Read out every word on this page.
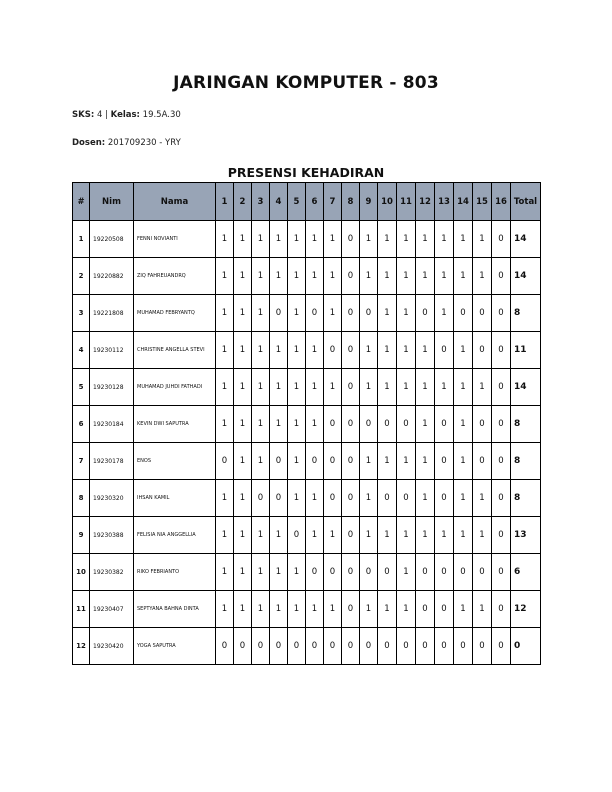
JARINGAN KOMPUTER - 803
SKS: 4 | Kelas: 19.5A.30
Dosen: 201709230 - YRY
PRESENSI KEHADIRAN
#	Nim	Nama	1	2	3	4	5	6	7	8	9	10	11	12	13	14	15	16	Total
1	19220508	FENNI NOVIANTI	1	1	1	1	1	1	1	0	1	1	1	1	1	1	1	0	14
2	19220882	ZIQ FAHREUANDRQ	1	1	1	1	1	1	1	0	1	1	1	1	1	1	1	0	14
3	19221808	MUHAMAD FEBRYANTQ	1	1	1	0	1	0	1	0	0	1	1	0	1	0	0	0	8
4	19230112	CHRISTINE ANGELLA STEVI	1	1	1	1	1	1	0	0	1	1	1	1	0	1	0	0	11
5	19230128	MUHAMAD JUHDI FATHADI	1	1	1	1	1	1	1	0	1	1	1	1	1	1	1	0	14
6	19230184	KEVIN DWI SAPUTRA	1	1	1	1	1	1	0	0	0	0	0	1	0	1	0	0	8
7	19230178	ENOS	0	1	1	0	1	0	0	0	1	1	1	1	0	1	0	0	8
8	19230320	IHSAN KAMIL	1	1	0	0	1	1	0	0	1	0	0	1	0	1	1	0	8
9	19230388	FELISIA NIA ANGGELLIA	1	1	1	1	0	1	1	0	1	1	1	1	1	1	1	0	13
10	19230382	RIKO FEBRIANTO	1	1	1	1	1	0	0	0	0	0	1	0	0	0	0	0	6
11	19230407	SEPTYANA BAHNA DINTA	1	1	1	1	1	1	1	0	1	1	1	0	0	1	1	0	12
12	19230420	YOGA SAPUTRA	0	0	0	0	0	0	0	0	0	0	0	0	0	0	0	0	0
